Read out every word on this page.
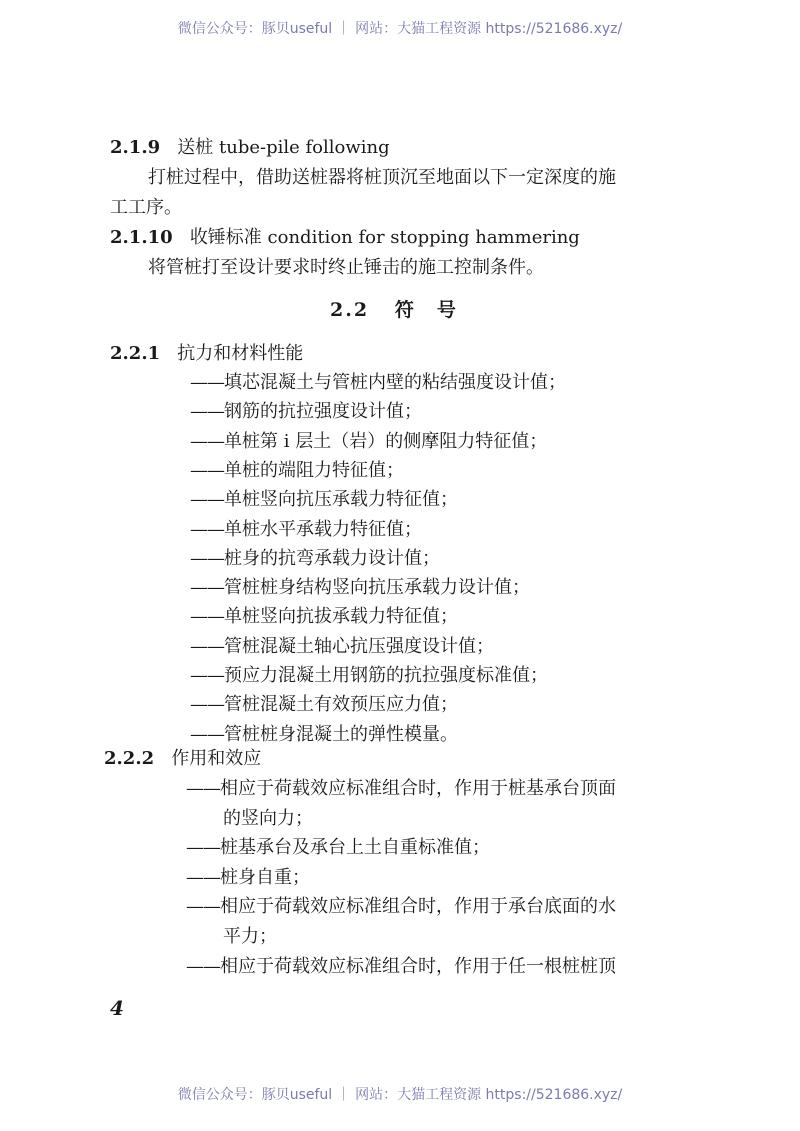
微信公众号：豚贝useful ｜ 网站：大猫工程资源 https://521686.xyz/
2.1.9 送桩 tube-pile following
打桩过程中，借助送桩器将桩顶沉至地面以下一定深度的施
工工序。
2.1.10 收锤标准 condition for stopping hammering
将管桩打至设计要求时终止锤击的施工控制条件。
2.2 符　号
2.2.1 抗力和材料性能
——填芯混凝土与管桩内壁的粘结强度设计值；
——钢筋的抗拉强度设计值；
——单桩第 i 层土（岩）的侧摩阻力特征值；
——单桩的端阻力特征值；
——单桩竖向抗压承载力特征值；
——单桩水平承载力特征值；
——桩身的抗弯承载力设计值；
——管桩桩身结构竖向抗压承载力设计值；
——单桩竖向抗拔承载力特征值；
——管桩混凝土轴心抗压强度设计值；
——预应力混凝土用钢筋的抗拉强度标准值；
——管桩混凝土有效预压应力值；
——管桩桩身混凝土的弹性模量。
2.2.2 作用和效应
——相应于荷载效应标准组合时，作用于桩基承台顶面
的竖向力；
——桩基承台及承台上土自重标准值；
——桩身自重；
——相应于荷载效应标准组合时，作用于承台底面的水
平力；
——相应于荷载效应标准组合时，作用于任一根桩桩顶
4
微信公众号：豚贝useful ｜ 网站：大猫工程资源 https://521686.xyz/
